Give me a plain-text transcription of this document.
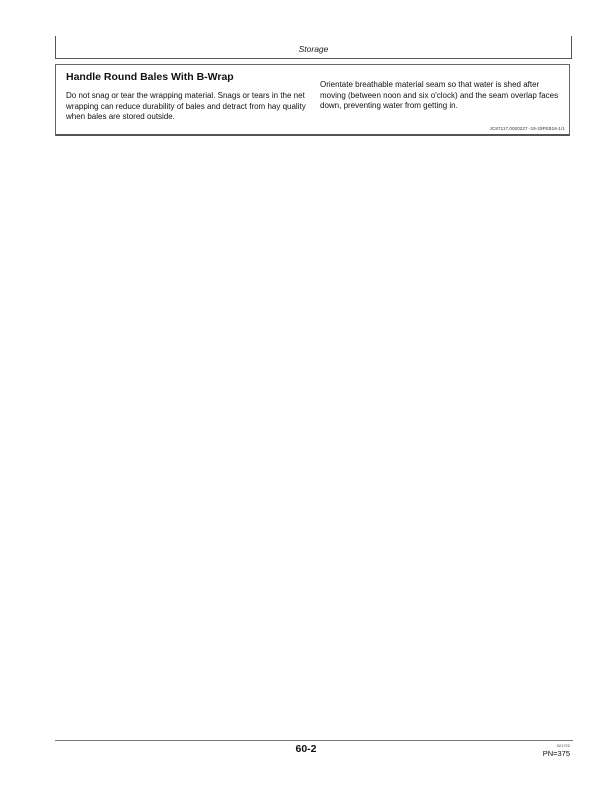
Storage
Handle Round Bales With B-Wrap

Do not snag or tear the wrapping material. Snags or tears in the net wrapping can reduce durability of bales and detract from hay quality when bales are stored outside.

Orientate breathable material seam so that water is shed after moving (between noon and six o'clock) and the seam overlap faces down, preventing water from getting in.

JC87117,0000227 -19-29FEB16-1/1
60-2	021722
PN=375
